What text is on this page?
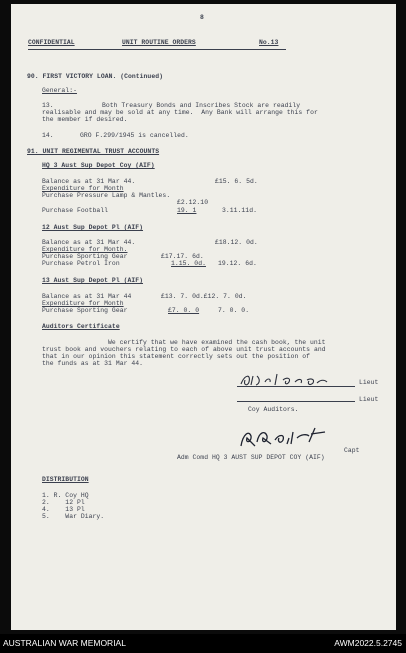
8
CONFIDENTIAL	UNIT ROUTINE ORDERS	No.13
90. FIRST VICTORY LOAN. (Continued)
General:-
13.	Both Treasury Bonds and Inscribes Stock are readily
realisable and may be sold at any time.  Any Bank will arrange this for
the member if desired.
14.	GRO F.299/1945 is cancelled.
91. UNIT REGIMENTAL TRUST ACCOUNTS
HQ 3 Aust Sup Depot Coy (AIF)
Balance as at 31 Mar 44.	£15. 6. 5d.
Expenditure for Month
Purchase Pressure Lamp & Mantles.
£2.12.10
Purchase Football	19. 1	3.11.11d.
12 Aust Sup Depot Pl (AIF)
Balance as at 31 Mar 44.	£18.12. 0d.
Expenditure for Month.
Purchase Sporting Gear	£17.17. 6d.
Purchase Petrol Iron	1.15. 0d. 19.12. 6d.
13 Aust Sup Depot Pl (AIF)
Balance as at 31 Mar 44	£13. 7. 0d.£12. 7. 0d.
Expenditure for Month
Purchase Sporting Gear	£7. 0. 0	7. 0. 0.
Auditors Certificate
We certify that we have examined the cash book, the unit
trust book and vouchers relating to each of above unit trust accounts and
that in our opinion this statement correctly sets out the position of
the funds as at 31 Mar 44.
Lieut
Lieut
Coy Auditors.
Capt
Adm Comd HQ 3 AUST SUP DEPOT COY (AIF)
DISTRIBUTION
1. R. Coy HQ
2.    12 Pl
4.    13 Pl
5.    War Diary.
AUSTRALIAN WAR MEMORIAL	AWM2022.5.2745
